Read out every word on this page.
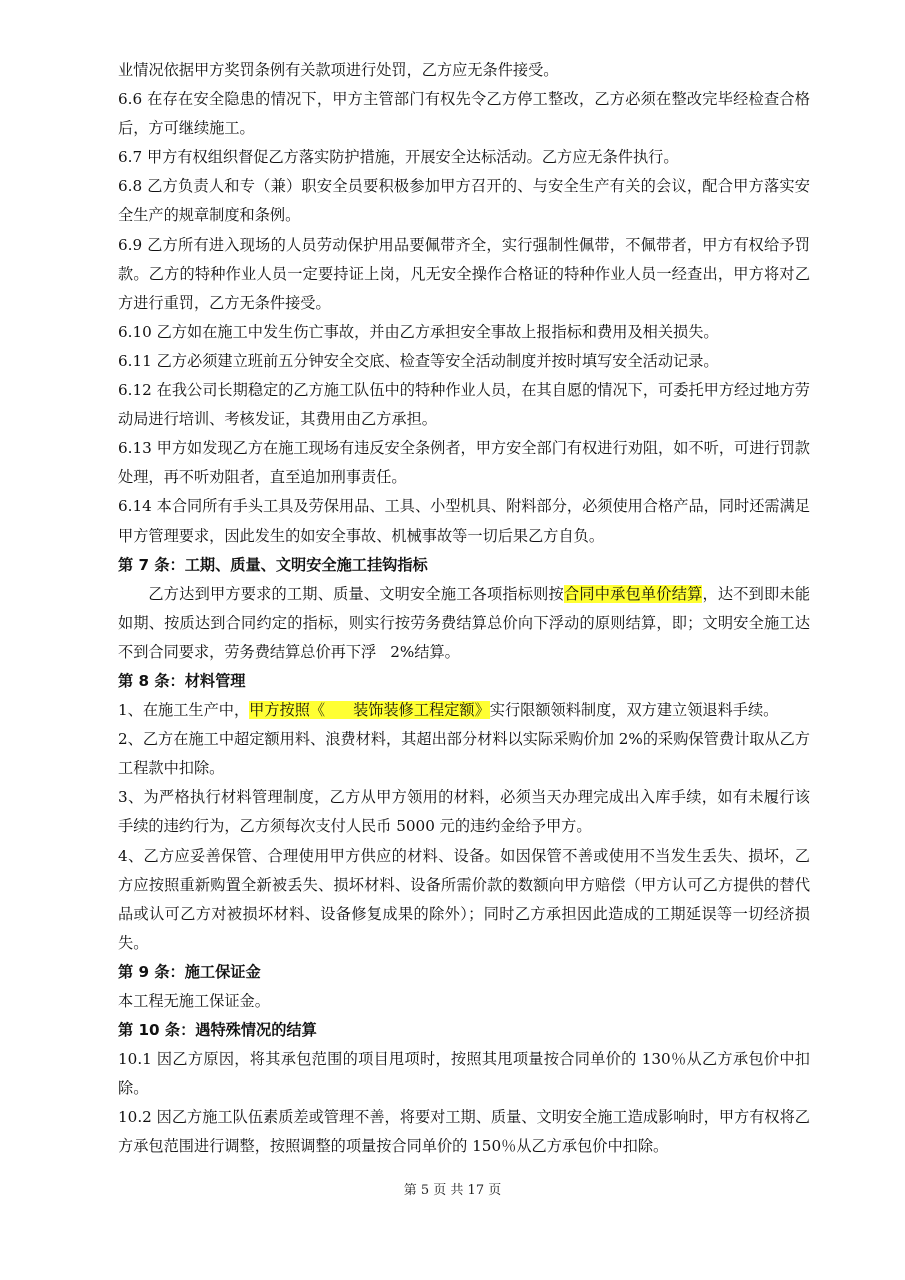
业情况依据甲方奖罚条例有关款项进行处罚，乙方应无条件接受。

6.6 在存在安全隐患的情况下，甲方主管部门有权先令乙方停工整改，乙方必须在整改完毕经检查合格后，方可继续施工。

6.7 甲方有权组织督促乙方落实防护措施，开展安全达标活动。乙方应无条件执行。

6.8 乙方负责人和专（兼）职安全员要积极参加甲方召开的、与安全生产有关的会议，配合甲方落实安全生产的规章制度和条例。

6.9 乙方所有进入现场的人员劳动保护用品要佩带齐全，实行强制性佩带，不佩带者，甲方有权给予罚款。乙方的特种作业人员一定要持证上岗，凡无安全操作合格证的特种作业人员一经查出，甲方将对乙方进行重罚，乙方无条件接受。

6.10 乙方如在施工中发生伤亡事故，并由乙方承担安全事故上报指标和费用及相关损失。

6.11 乙方必须建立班前五分钟安全交底、检查等安全活动制度并按时填写安全活动记录。

6.12 在我公司长期稳定的乙方施工队伍中的特种作业人员，在其自愿的情况下，可委托甲方经过地方劳动局进行培训、考核发证，其费用由乙方承担。

6.13 甲方如发现乙方在施工现场有违反安全条例者，甲方安全部门有权进行劝阻，如不听，可进行罚款处理，再不听劝阻者，直至追加刑事责任。

6.14 本合同所有手头工具及劳保用品、工具、小型机具、附料部分，必须使用合格产品，同时还需满足甲方管理要求，因此发生的如安全事故、机械事故等一切后果乙方自负。

第 7 条：工期、质量、文明安全施工挂钩指标

乙方达到甲方要求的工期、质量、文明安全施工各项指标则按合同中承包单价结算，达不到即未能如期、按质达到合同约定的指标，则实行按劳务费结算总价向下浮动的原则结算，即；文明安全施工达不到合同要求，劳务费结算总价再下浮 2%结算。

第 8 条：材料管理

1、在施工生产中，甲方按照《 装饰装修工程定额》实行限额领料制度，双方建立领退料手续。

2、乙方在施工中超定额用料、浪费材料，其超出部分材料以实际采购价加 2%的采购保管费计取从乙方工程款中扣除。

3、为严格执行材料管理制度，乙方从甲方领用的材料，必须当天办理完成出入库手续，如有未履行该手续的违约行为，乙方须每次支付人民币 5000 元的违约金给予甲方。

4、乙方应妥善保管、合理使用甲方供应的材料、设备。如因保管不善或使用不当发生丢失、损坏，乙方应按照重新购置全新被丢失、损坏材料、设备所需价款的数额向甲方赔偿（甲方认可乙方提供的替代品或认可乙方对被损坏材料、设备修复成果的除外）；同时乙方承担因此造成的工期延误等一切经济损失。

第 9 条：施工保证金

本工程无施工保证金。

第 10 条：遇特殊情况的结算

10.1 因乙方原因，将其承包范围的项目甩项时，按照其甩项量按合同单价的 130％从乙方承包价中扣除。

10.2 因乙方施工队伍素质差或管理不善，将要对工期、质量、文明安全施工造成影响时，甲方有权将乙方承包范围进行调整，按照调整的项量按合同单价的 150％从乙方承包价中扣除。

第 5 页 共 17 页
